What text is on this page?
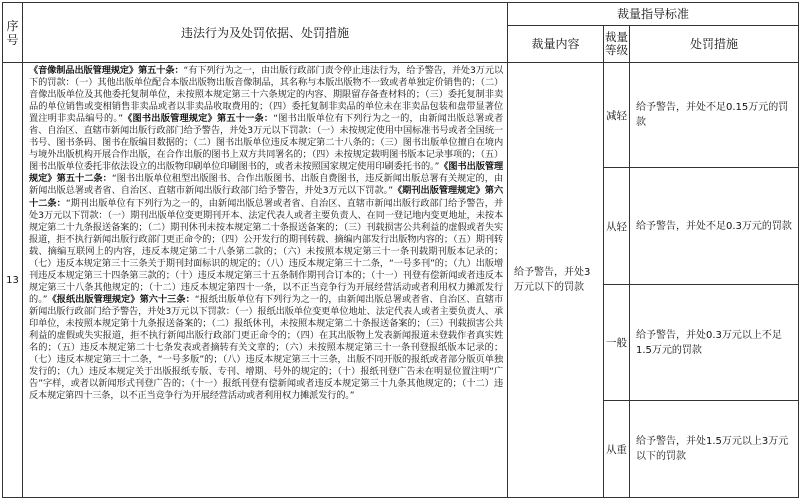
序号	违法行为及处罚依据、处罚措施	裁量指导标准		
		裁量内容	裁量等级	处罚措施
13	《音像制品出版管理规定》第五十条：“有下列行为之一，由出版行政部门责令停止违法行为，给予警告，并处3万元以下的罚款：（一）其他出版单位配合本版出版物出版音像制品，其名称与本版出版物不一致或者单独定价销售的；（二）音像出版单位及其他委托复制单位，未按照本规定第三十六条规定的内容、期限留存备查材料的；（三）委托复制非卖品的单位销售或变相销售非卖品或者以非卖品收取费用的；（四）委托复制非卖品的单位未在非卖品包装和盘带显著位置注明非卖品编号的。”《图书出版管理规定》第五十一条：“图书出版单位有下列行为之一的，由新闻出版总署或者省、自治区、直辖市新闻出版行政部门给予警告，并处3万元以下罚款：（一）未按规定使用中国标准书号或者全国统一书号、图书条码、图书在版编目数据的；（二）图书出版单位违反本规定第二十八条的；（三）图书出版单位擅自在境内与境外出版机构开展合作出版，在合作出版的图书上双方共同署名的；（四）未按规定载明图书版本记录事项的；（五）图书出版单位委托非依法设立的出版物印刷单位印刷图书的，或者未按照国家规定使用印刷委托书的。”《图书出版管理规定》第五十二条：“图书出版单位租型出版图书、合作出版图书、出版自费图书，违反新闻出版总署有关规定的，由新闻出版总署或者省、自治区、直辖市新闻出版行政部门给予警告，并处3万元以下罚款。”《期刊出版管理规定》第六十二条：“期刊出版单位有下列行为之一的，由新闻出版总署或者省、自治区、直辖市新闻出版行政部门给予警告，并处3万元以下罚款：（一）期刊出版单位变更期刊开本、法定代表人或者主要负责人、在同一登记地内变更地址，未按本规定第二十九条报送备案的；（二）期刊休刊未按本规定第二十条报送备案的；（三）刊载损害公共利益的虚假或者失实报道，拒不执行新闻出版行政部门更正命令的；（四）公开发行的期刊转载、摘编内部发行出版物内容的；（五）期刊转载、摘编互联网上的内容，违反本规定第二十八条第二款的；（六）未按照本规定第三十一条刊载期刊版本记录的；（七）违反本规定第三十三条关于期刊封面标识的规定的；（八）违反本规定第三十二条，“一号多刊”的；（九）出版增刊违反本规定第三十四条第三款的；（十）违反本规定第三十五条制作期刊合订本的；（十一）刊登有偿新闻或者违反本规定第三十八条其他规定的；（十二）违反本规定第四十一条，以不正当竞争行为开展经营活动或者利用权力摊派发行的。”《报纸出版管理规定》第六十三条：“报纸出版单位有下列行为之一的，由新闻出版总署或者省、自治区、直辖市新闻出版行政部门给予警告，并处3万元以下罚款：（一）报纸出版单位变更单位地址、法定代表人或者主要负责人、承印单位，未按照本规定第十九条报送备案的；（二）报纸休刊，未按照本规定第二十条报送备案的；（三）刊载损害公共利益的虚假或失实报道，拒不执行新闻出版行政部门更正命令的；（四）在其出版物上发表新闻报道未登载作者真实姓名的；（五）违反本规定第二十七条发表或者摘转有关文章的；（六）未按照本规定第三十一条刊登报纸版本记录的；（七）违反本规定第三十二条，“一号多版”的；（八）违反本规定第三十三条，出版不同开版的报纸或者部分版页单独发行的；（九）违反本规定关于出版报纸专版、专刊、增期、号外的规定的；（十）报纸刊登广告未在明显位置注明“广告”字样，或者以新闻形式刊登广告的；（十一）报纸刊登有偿新闻或者违反本规定第三十九条其他规定的；（十二）违反本规定第四十三条，以不正当竞争行为开展经营活动或者利用权力摊派发行的。”	给予警告，并处3万元以下的罚款	减轻	给予警告，并处不足0.15万元的罚款
			从轻	给予警告，并处不足0.3万元的罚款
			一般	给予警告，并处0.3万元以上不足1.5万元的罚款
			从重	给予警告，并处1.5万元以上3万元以下的罚款
